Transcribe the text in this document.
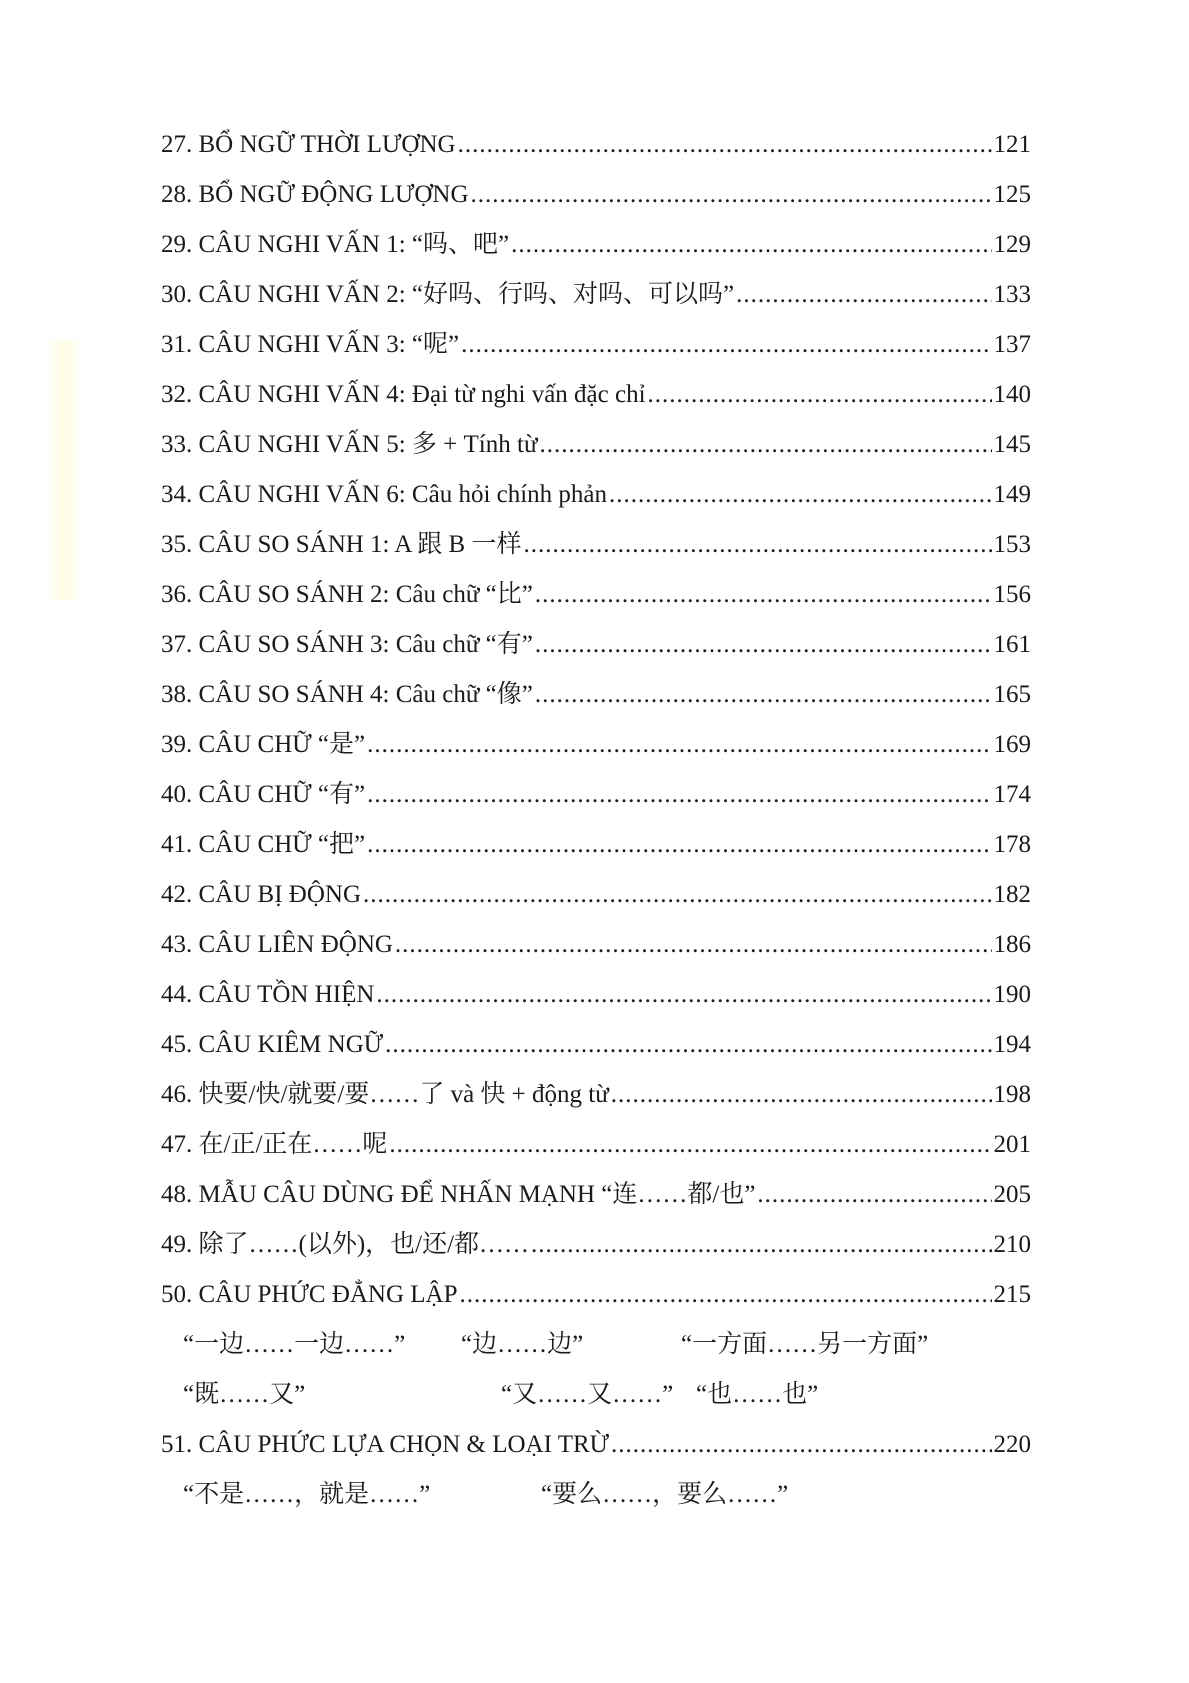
27. BỔ NGỮ THỜI LƯỢNG .....	121
28. BỔ NGỮ ĐỘNG LƯỢNG .....	125
29. CÂU NGHI VẤN 1: “吗、吧” .....	129
30. CÂU NGHI VẤN 2: “好吗、行吗、对吗、可以吗” .....	133
31. CÂU NGHI VẤN 3: “呢” .....	137
32. CÂU NGHI VẤN 4: Đại từ nghi vấn đặc chỉ .....	140
33. CÂU NGHI VẤN 5: 多 + Tính từ .....	145
34. CÂU NGHI VẤN 6: Câu hỏi chính phản .....	149
35. CÂU SO SÁNH 1: A 跟 B 一样 .....	153
36. CÂU SO SÁNH 2: Câu chữ “比” .....	156
37. CÂU SO SÁNH 3: Câu chữ “有” .....	161
38. CÂU SO SÁNH 4: Câu chữ “像” .....	165
39. CÂU CHỮ “是” .....	169
40. CÂU CHỮ “有” .....	174
41. CÂU CHỮ “把” .....	178
42. CÂU BỊ ĐỘNG .....	182
43. CÂU LIÊN ĐỘNG .....	186
44. CÂU TỒN HIỆN .....	190
45. CÂU KIÊM NGỮ .....	194
46. 快要/快/就要/要……了 và 快 + động từ .....	198
47. 在/正/正在……呢 .....	201
48. MẪU CÂU DÙNG ĐỂ NHẤN MẠNH “连……都/也” .....	205
49. 除了……(以外)，也/还/都…… .....	210
50. CÂU PHỨC ĐẲNG LẬP .....	215
“一边……一边……” “边……边”	“一方面……另一方面”
“既……又”	“又……又……” “也……也”
51. CÂU PHỨC LỰA CHỌN & LOẠI TRỪ .....	220
“不是……，就是……”	“要么……，要么……”
